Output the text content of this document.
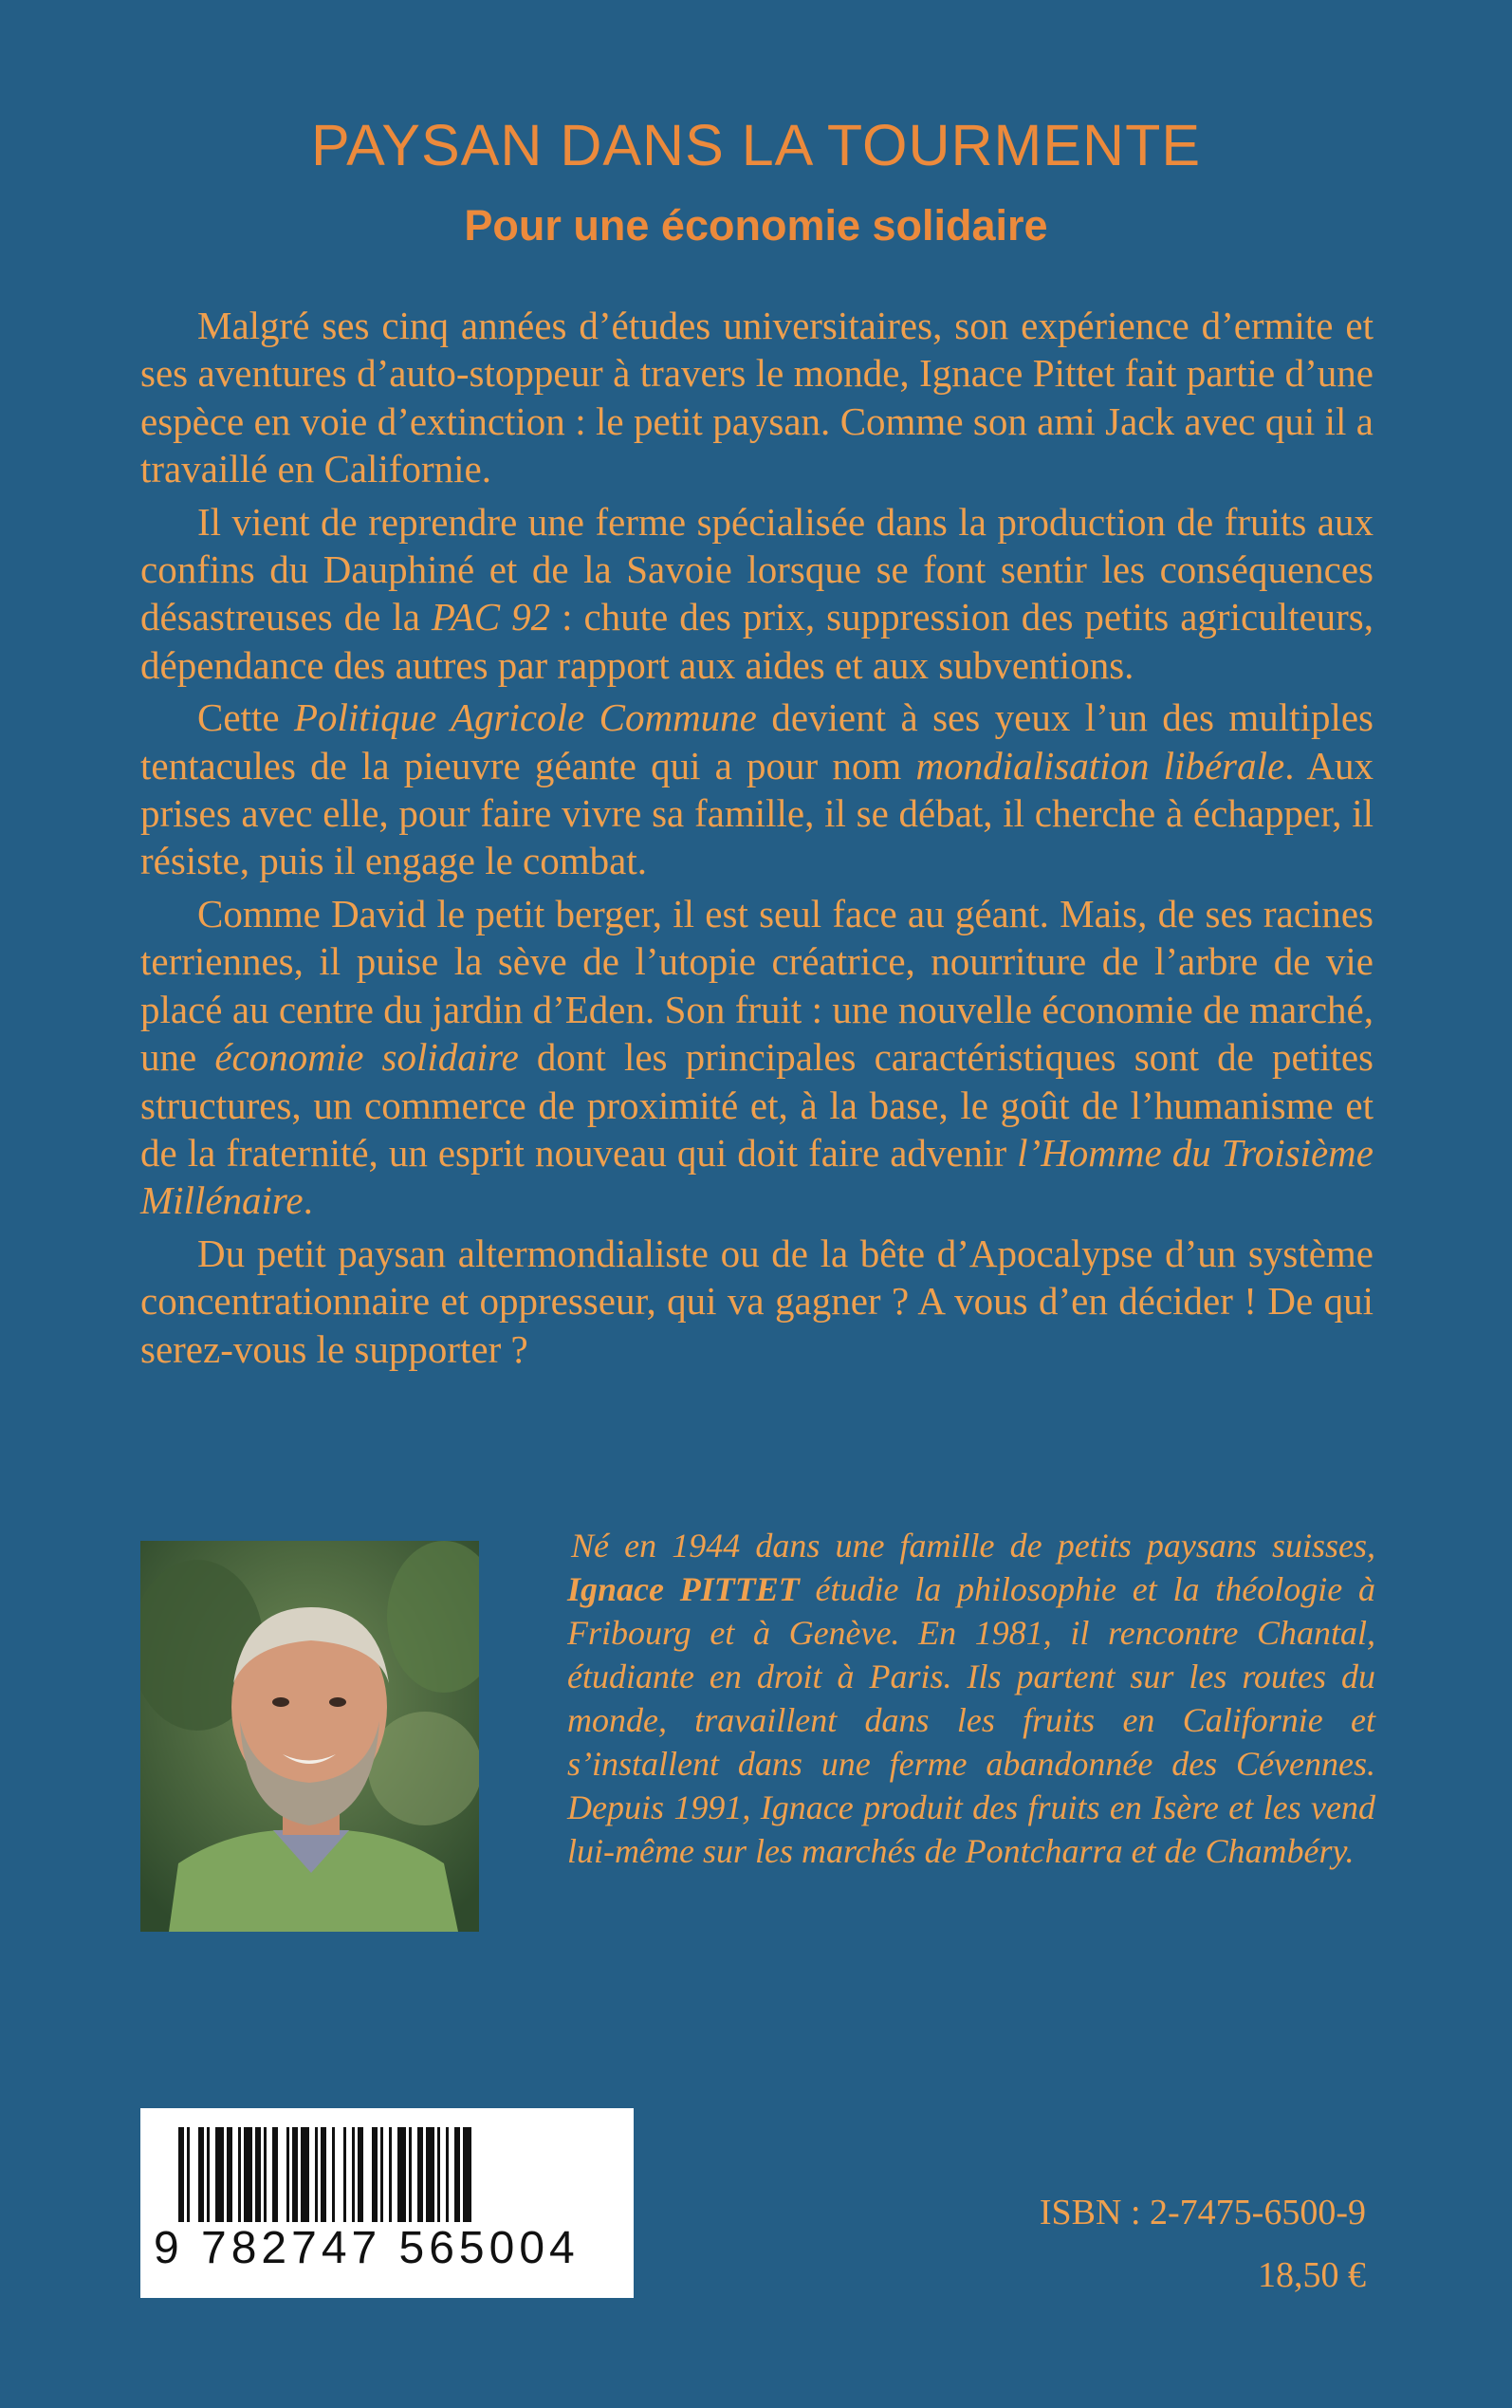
PAYSAN DANS LA TOURMENTE
Pour une économie solidaire

Malgré ses cinq années d’études universitaires, son expérience d’ermite et ses aventures d’auto-stoppeur à travers le monde, Ignace Pittet fait partie d’une espèce en voie d’extinction : le petit paysan. Comme son ami Jack avec qui il a travaillé en Californie.

Il vient de reprendre une ferme spécialisée dans la production de fruits aux confins du Dauphiné et de la Savoie lorsque se font sentir les conséquences désastreuses de la PAC 92 : chute des prix, suppression des petits agriculteurs, dépendance des autres par rapport aux aides et aux subventions.

Cette Politique Agricole Commune devient à ses yeux l’un des multiples tentacules de la pieuvre géante qui a pour nom mondialisation libérale. Aux prises avec elle, pour faire vivre sa famille, il se débat, il cherche à échapper, il résiste, puis il engage le combat.

Comme David le petit berger, il est seul face au géant. Mais, de ses racines terriennes, il puise la sève de l’utopie créatrice, nourriture de l’arbre de vie placé au centre du jardin d’Eden. Son fruit : une nouvelle économie de marché, une économie solidaire dont les principales caractéristiques sont de petites structures, un commerce de proximité et, à la base, le goût de l’humanisme et de la fraternité, un esprit nouveau qui doit faire advenir l’Homme du Troisième Millénaire.

Du petit paysan altermondialiste ou de la bête d’Apocalypse d’un système concentrationnaire et oppresseur, qui va gagner ? A vous d’en décider ! De qui serez-vous le supporter ?

Né en 1944 dans une famille de petits paysans suisses, Ignace PITTET étudie la philosophie et la théologie à Fribourg et à Genève. En 1981, il rencontre Chantal, étudiante en droit à Paris. Ils partent sur les routes du monde, travaillent dans les fruits en Californie et s’installent dans une ferme abandonnée des Cévennes. Depuis 1991, Ignace produit des fruits en Isère et les vend lui-même sur les marchés de Pontcharra et de Chambéry.

9 782747 565004

ISBN : 2-7475-6500-9

18,50 €
